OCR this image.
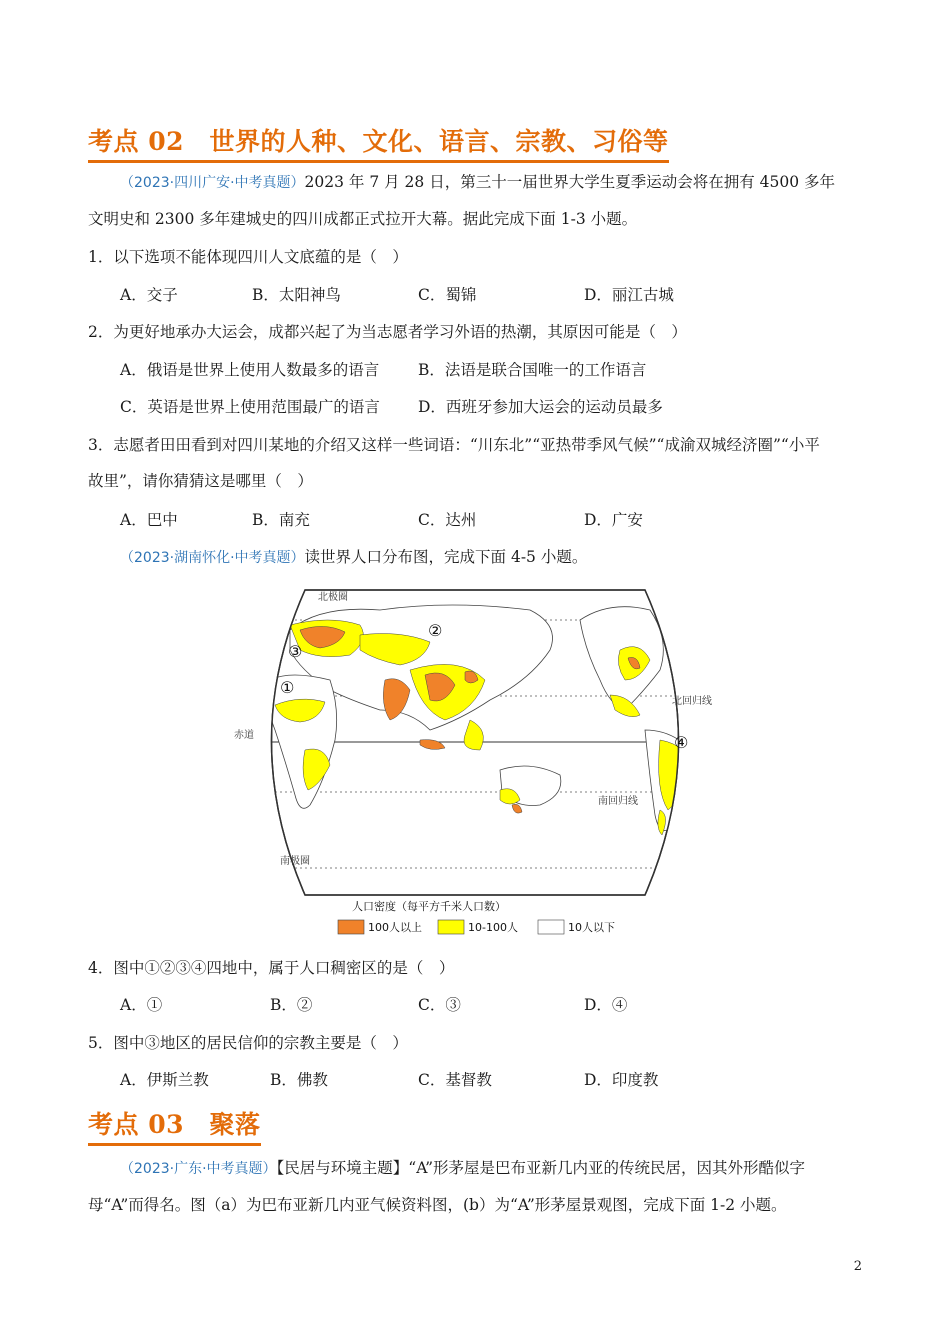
考点 02　世界的人种、文化、语言、宗教、习俗等
（2023·四川广安·中考真题）2023 年 7 月 28 日，第三十一届世界大学生夏季运动会将在拥有 4500 多年
文明史和 2300 多年建城史的四川成都正式拉开大幕。据此完成下面 1-3 小题。
1．以下选项不能体现四川人文底蕴的是（　）
A．交子	B．太阳神鸟	C．蜀锦	D．丽江古城
2．为更好地承办大运会，成都兴起了为当志愿者学习外语的热潮，其原因可能是（　）
A．俄语是世界上使用人数最多的语言	B．法语是联合国唯一的工作语言
C．英语是世界上使用范围最广的语言 D．西班牙参加大运会的运动员最多
3．志愿者田田看到对四川某地的介绍又这样一些词语：“川东北”“亚热带季风气候”“成渝双城经济圈”“小平
故里”，请你猜猜这是哪里（　）
A．巴中	B．南充	C．达州	D．广安
（2023·湖南怀化·中考真题）读世界人口分布图，完成下面 4-5 小题。
北极圈
北回归线
赤道
南回归线
南极圈
③
①
②
④
人口密度（每平方千米人口数）
100人以上	10-100人	10人以下
4．图中①②③④四地中，属于人口稠密区的是（　）
A．①	B．②	C．③	D．④
5．图中③地区的居民信仰的宗教主要是（　）
A．伊斯兰教	B．佛教	C．基督教	D．印度教
考点 03　聚落
（2023·广东·中考真题）【民居与环境主题】“A”形茅屋是巴布亚新几内亚的传统民居，因其外形酷似字
母“A”而得名。图（a）为巴布亚新几内亚气候资料图，(b）为“A”形茅屋景观图，完成下面 1-2 小题。
2
